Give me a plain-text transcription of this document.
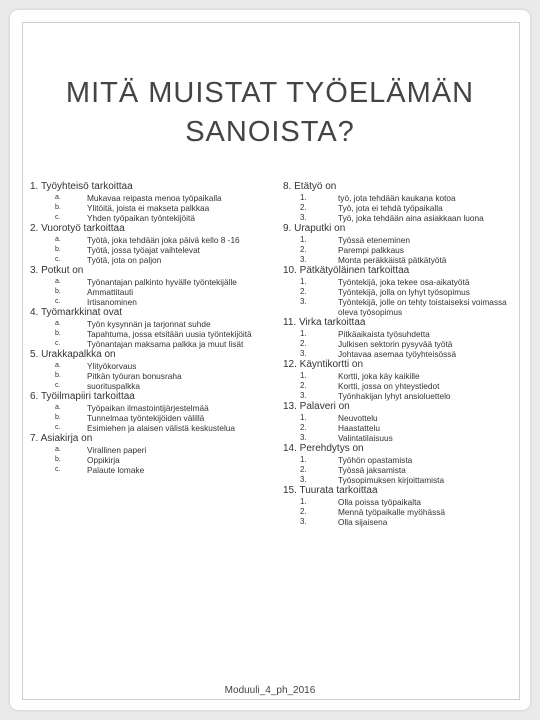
MITÄ MUISTAT TYÖELÄMÄN
SANOISTA?
1. Työyhteisö tarkoittaa
a.	Mukavaa reipasta menoa työpaikalla
b.	Ylitöitä, joista ei makseta palkkaa
c.	Yhden työpaikan työntekijöitä
2. Vuorotyö tarkoittaa
a.	Työtä, joka tehdään joka päivä kello 8 -16
b.	Työtä, jossa työajat vaihtelevat
c.	Työtä, jota on paljon
3. Potkut on
a.	Työnantajan palkinto hyvälle työntekijälle
b.	Ammattitauti
c.	Irtisanominen
4. Työmarkkinat ovat
a.	Työn kysynnän ja tarjonnat suhde
b.	Tapahtuma, jossa etsitään uusia työntekijöitä
c.	Työnantajan maksama palkka ja muut lisät
5. Urakkapalkka on
a.	Ylityökorvaus
b.	Pitkän työuran bonusraha
c.	suorituspalkka
6. Työilmapiiri tarkoittaa
a.	Työpaikan ilmastointijärjestelmää
b.	Tunnelmaa työntekijöiden välillä
c.	Esimiehen ja alaisen välistä keskustelua
7. Asiakirja on
a.	Virallinen paperi
b.	Oppikirja
c.	Palaute lomake
8. Etätyö on
1.	työ, jota tehdään kaukana kotoa
2.	Työ, jota ei tehdä työpaikalla
3.	Työ, joka tehdään aina asiakkaan luona
9. Uraputki on
1.	Työssä eteneminen
2.	Parempi palkkaus
3.	Monta peräkkäistä pätkätyötä
10. Pätkätyöläinen tarkoittaa
1.	Työntekijä, joka tekee osa-aikatyötä
2.	Työntekijä, jolla on lyhyt työsopimus
3.	Työntekijä, jolle on tehty toistaiseksi voimassa oleva työsopimus
11. Virka tarkoittaa
1.	Pitkäaikaista työsuhdetta
2.	Julkisen sektorin pysyvää työtä
3.	Johtavaa asemaa työyhteisössä
12. Käyntikortti on
1.	Kortti, joka käy kaikille
2.	Kortti, jossa on yhteystiedot
3.	Työnhakijan lyhyt ansioluettelo
13. Palaveri on
1.	Neuvottelu
2.	Haastattelu
3.	Valintatilaisuus
14. Perehdytys on
1.	Työhön opastamista
2.	Työssä jaksamista
3.	Työsopimuksen kirjoittamista
15. Tuurata tarkoittaa
1.	Olla poissa työpaikalta
2.	Mennä työpaikalle myöhässä
3.	Olla sijaisena
Moduuli_4_ph_2016
